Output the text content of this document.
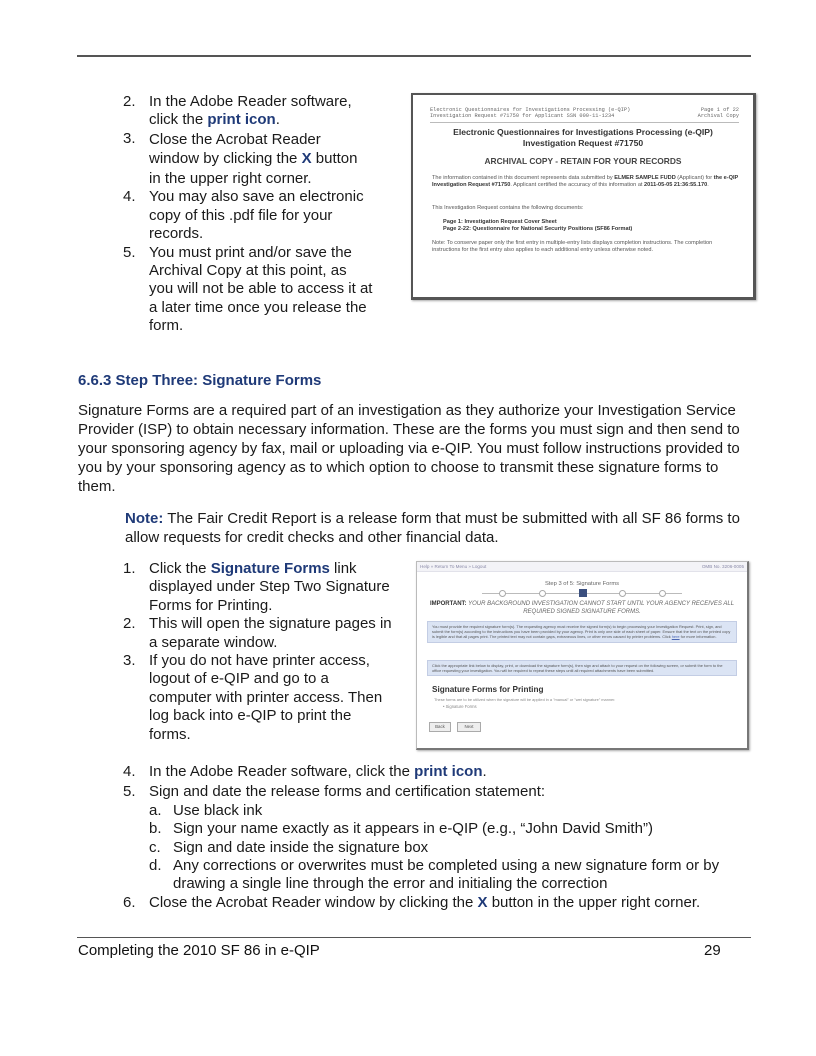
2. In the Adobe Reader software, click the print icon.
3. Close the Acrobat Reader window by clicking the X button in the upper right corner.
4. You may also save an electronic copy of this .pdf file for your records.
5. You must print and/or save the Archival Copy at this point, as you will not be able to access it at a later time once you release the form.
Electronic Questionnaires for Investigations Processing (e-QIP)
Investigation Request #71750 for Applicant SSN 000-11-1234
Page 1 of 22
Archival Copy
Electronic Questionnaires for Investigations Processing (e-QIP)
Investigation Request #71750
ARCHIVAL COPY - RETAIN FOR YOUR RECORDS
The information contained in this document represents data submitted by ELMER SAMPLE FUDD (Applicant) for the e-QIP Investigation Request #71750. Applicant certified the accuracy of this information at 2011-05-05 21:36:55.170.
This Investigation Request contains the following documents:
Page 1: Investigation Request Cover Sheet
Page 2-22: Questionnaire for National Security Positions (SF86 Format)
Note: To conserve paper only the first entry in multiple-entry lists displays completion instructions. The completion instructions for the first entry also applies to each additional entry unless otherwise noted.
6.6.3 Step Three: Signature Forms
Signature Forms are a required part of an investigation as they authorize your Investigation Service Provider (ISP) to obtain necessary information. These are the forms you must sign and then send to your sponsoring agency by fax, mail or uploading via e-QIP. You must follow instructions provided to you by your sponsoring agency as to which option to choose to transmit these signature forms to them.
Note: The Fair Credit Report is a release form that must be submitted with all SF 86 forms to allow requests for credit checks and other financial data.
1. Click the Signature Forms link displayed under Step Two Signature Forms for Printing.
2. This will open the signature pages in a separate window.
3. If you do not have printer access, logout of e-QIP and go to a computer with printer access. Then log back into e-QIP to print the forms.
Help » Return To Menu » Logout	OMB No. 3206-0005
Step 3 of 5: Signature Forms
IMPORTANT: YOUR BACKGROUND INVESTIGATION CANNOT START UNTIL YOUR AGENCY RECEIVES ALL REQUIRED SIGNED SIGNATURE FORMS.
You must provide the required signature form(s). The requesting agency must receive the signed form(s) to begin processing your Investigation Request. Print, sign, and submit the form(s) according to the instructions you have been provided by your agency. Print is only one side of each sheet of paper. Ensure that the text on the printed copy is legible and that all pages print. The printed text may not contain gaps, extraneous lines, or other errors caused by printer problems. Click here for more information.
Click the appropriate link below to display, print, or download the signature form(s), then sign and attach to your request on the following screen, or submit the form to the office requesting your investigation. You will be required to repeat these steps until all required attachments have been submitted.
Signature Forms for Printing
These forms are to be utilized when the signature will be applied in a "manual" or "wet signature" manner.
• Signature Forms
Back	Next
4. In the Adobe Reader software, click the print icon.
5. Sign and date the release forms and certification statement:
a. Use black ink
b. Sign your name exactly as it appears in e-QIP (e.g., “John David Smith”)
c. Sign and date inside the signature box
d. Any corrections or overwrites must be completed using a new signature form or by drawing a single line through the error and initialing the correction
6. Close the Acrobat Reader window by clicking the X button in the upper right corner.
Completing the 2010 SF 86 in e-QIP	29
